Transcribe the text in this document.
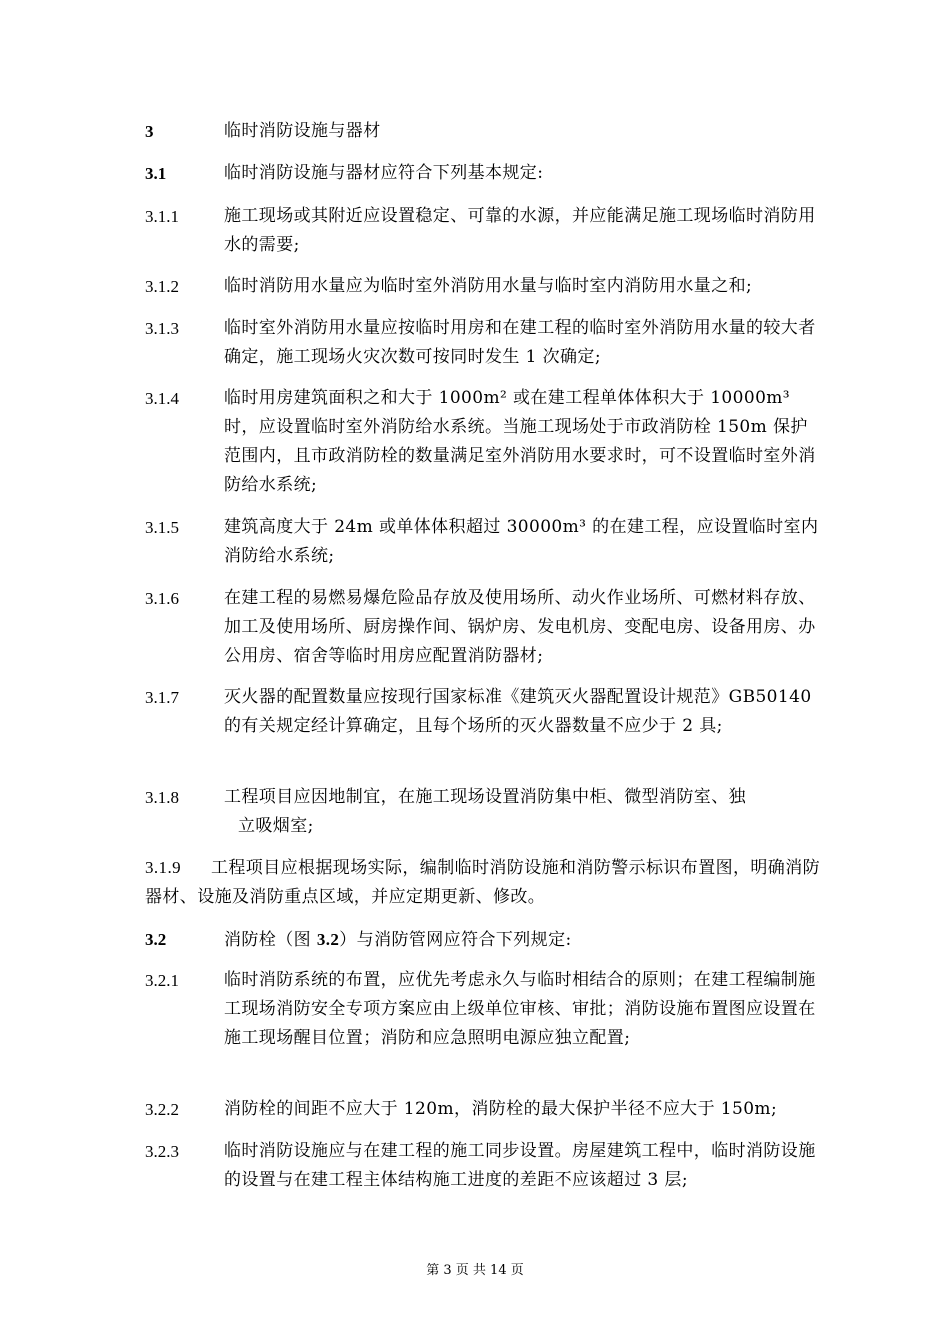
3	临时消防设施与器材
3.1	临时消防设施与器材应符合下列基本规定:
3.1.1	施工现场或其附近应设置稳定、可靠的水源，并应能满足施工现场临时消防用水的需要;
3.1.2	临时消防用水量应为临时室外消防用水量与临时室内消防用水量之和;
3.1.3	临时室外消防用水量应按临时用房和在建工程的临时室外消防用水量的较大者确定，施工现场火灾次数可按同时发生 1 次确定;
3.1.4	临时用房建筑面积之和大于 1000m² 或在建工程单体体积大于 10000m³ 时，应设置临时室外消防给水系统。当施工现场处于市政消防栓 150m 保护范围内，且市政消防栓的数量满足室外消防用水要求时，可不设置临时室外消防给水系统;
3.1.5	建筑高度大于 24m 或单体体积超过 30000m³ 的在建工程，应设置临时室内消防给水系统;
3.1.6	在建工程的易燃易爆危险品存放及使用场所、动火作业场所、可燃材料存放、加工及使用场所、厨房操作间、锅炉房、发电机房、变配电房、设备用房、办公用房、宿舍等临时用房应配置消防器材;
3.1.7	灭火器的配置数量应按现行国家标准《建筑灭火器配置设计规范》GB50140 的有关规定经计算确定，且每个场所的灭火器数量不应少于 2 具;
3.1.8	工程项目应因地制宜，在施工现场设置消防集中柜、微型消防室、独

立吸烟室;
3.1.9 工程项目应根据现场实际，编制临时消防设施和消防警示标识布置图，明确消防器材、设施及消防重点区域，并应定期更新、修改。
3.2	消防栓（图 3.2）与消防管网应符合下列规定:
3.2.1	临时消防系统的布置，应优先考虑永久与临时相结合的原则；在建工程编制施工现场消防安全专项方案应由上级单位审核、审批；消防设施布置图应设置在施工现场醒目位置；消防和应急照明电源应独立配置;
3.2.2	消防栓的间距不应大于 120m，消防栓的最大保护半径不应大于 150m;
3.2.3	临时消防设施应与在建工程的施工同步设置。房屋建筑工程中，临时消防设施的设置与在建工程主体结构施工进度的差距不应该超过 3 层;
第 3 页 共 14 页
